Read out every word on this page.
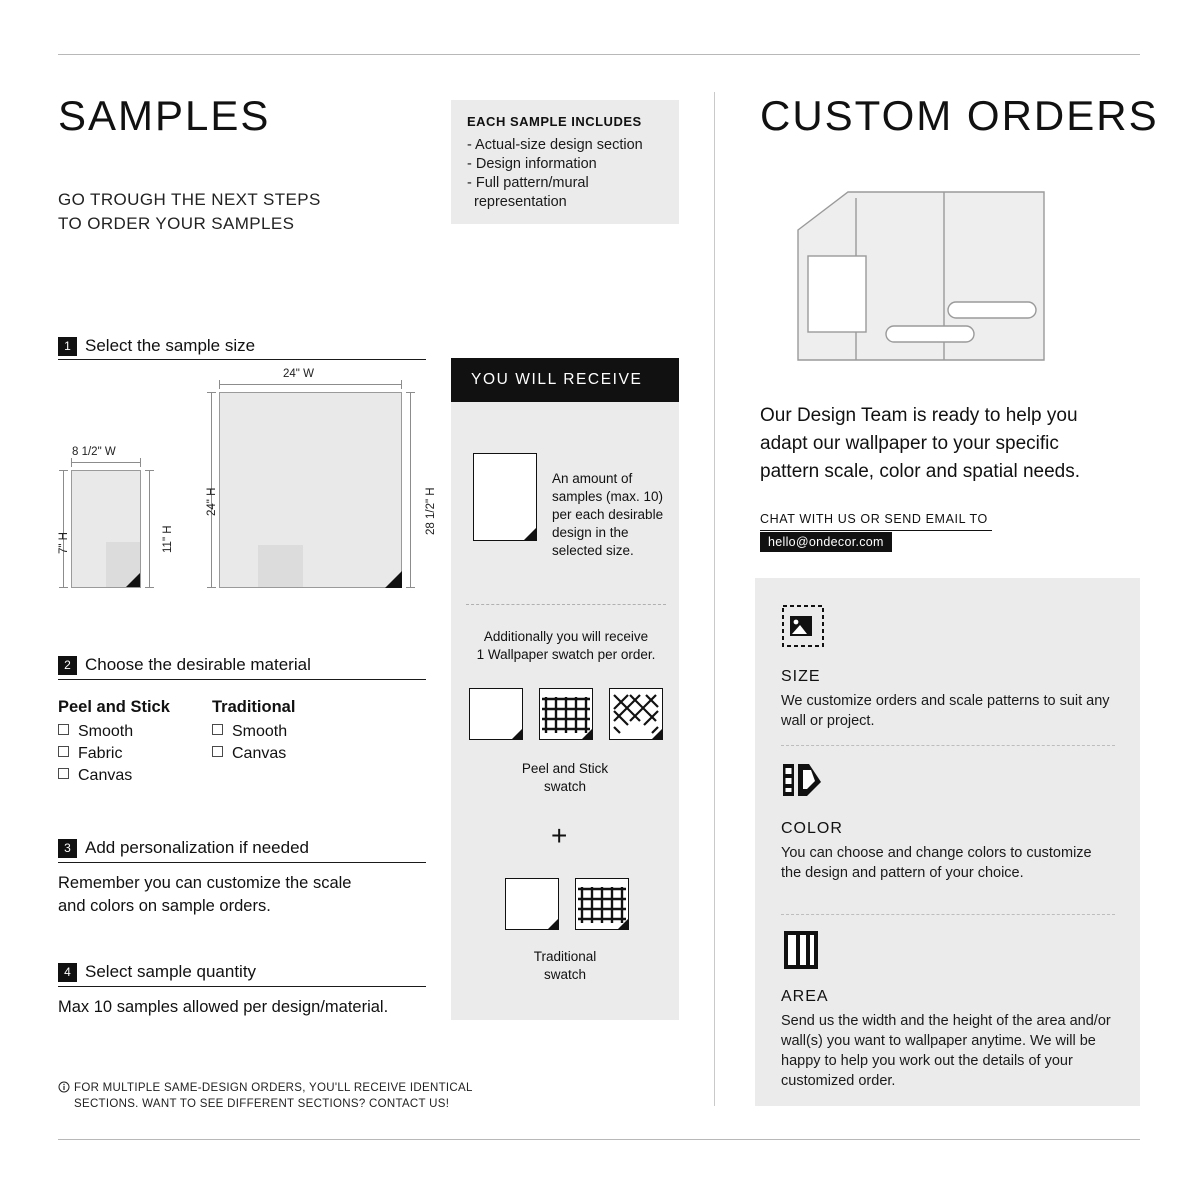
SAMPLES
GO TROUGH THE NEXT STEPS
TO ORDER YOUR SAMPLES
EACH SAMPLE INCLUDES
- Actual-size design section
- Design information
- Full pattern/mural
representation
1 Select the sample size
24" W
24" H	28 1/2" H
8 1/2" W
7" H	11" H
2 Choose the desirable material
Peel and Stick
Smooth
Fabric
Canvas
Traditional
Smooth
Canvas
3 Add personalization if needed
Remember you can customize the scale
and colors on sample orders.
4 Select sample quantity
Max 10 samples allowed per design/material.
FOR MULTIPLE SAME-DESIGN ORDERS, YOU'LL RECEIVE IDENTICAL
SECTIONS. WANT TO SEE DIFFERENT SECTIONS? CONTACT US!
YOU WILL RECEIVE
An amount of samples (max. 10) per each desirable design in the selected size.
Additionally you will receive
1 Wallpaper swatch per order.
Peel and Stick
swatch
+
Traditional
swatch
CUSTOM ORDERS
Our Design Team is ready to help you adapt our wallpaper to your specific pattern scale, color and spatial needs.
CHAT WITH US OR SEND EMAIL TO
hello@ondecor.com
SIZE

We customize orders and scale patterns to suit any wall or project.

COLOR

You can choose and change colors to customize the design and pattern of your choice.

AREA

Send us the width and the height of the area and/or wall(s) you want to wallpaper anytime. We will be happy to help you work out the details of your customized order.
